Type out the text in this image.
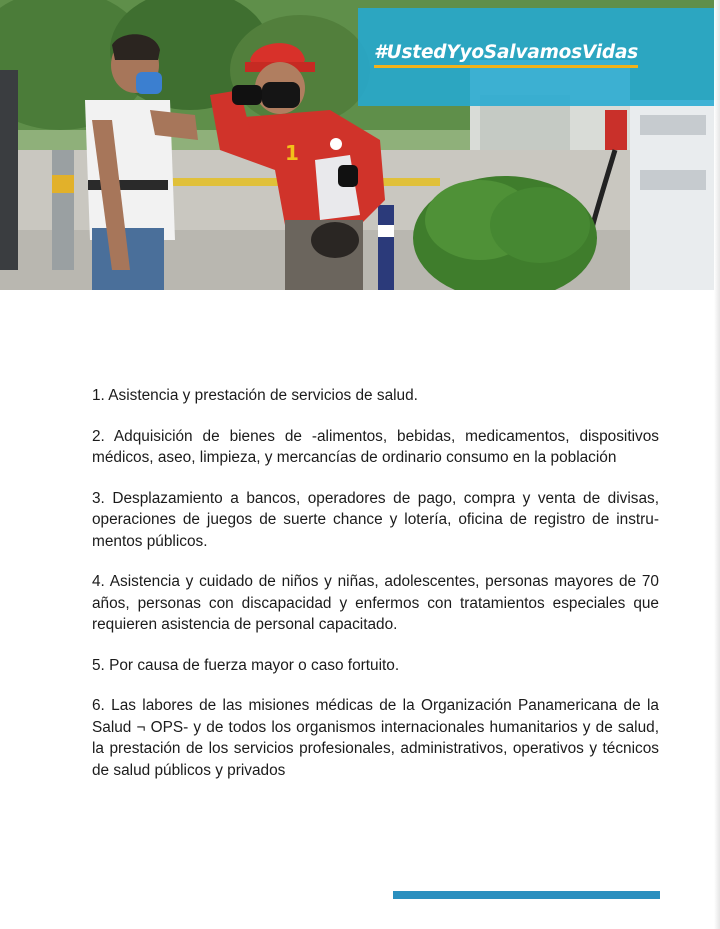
1
#UstedYyoSalvamosVidas

1. Asistencia y prestación de servicios de salud.

2. Adquisición de bienes de -alimentos, bebidas, medicamentos, dispositivos médicos, aseo, limpieza, y mercancías de ordinario consumo en la población

3. Desplazamiento a bancos, operadores de pago, compra y venta de divisas, operaciones de juegos de suerte chance y lotería, oficina de registro de instru-mentos públicos.

4. Asistencia y cuidado de niños y niñas, adolescentes, personas mayores de 70 años, personas con discapacidad y enfermos con tratamientos especiales que requieren asistencia de personal capacitado.

5. Por causa de fuerza mayor o caso fortuito.

6. Las labores de las misiones médicas de la Organización Panamericana de la Salud ¬ OPS- y de todos los organismos internacionales humanitarios y de salud, la prestación de los servicios profesionales, administrativos, operativos y técnicos de salud públicos y privados
